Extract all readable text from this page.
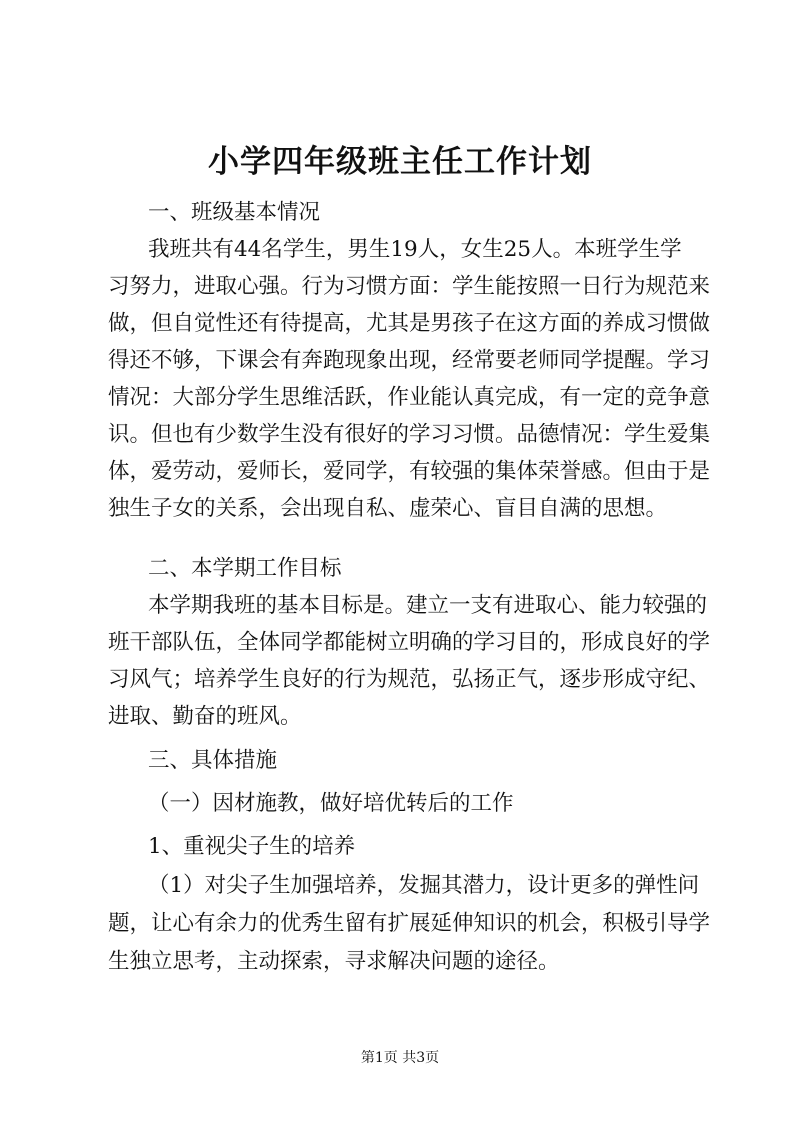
小学四年级班主任工作计划
一、班级基本情况
我班共有44名学生，男生19人，女生25人。本班学生学
习努力，进取心强。行为习惯方面：学生能按照一日行为规范来
做，但自觉性还有待提高，尤其是男孩子在这方面的养成习惯做
得还不够，下课会有奔跑现象出现，经常要老师同学提醒。学习
情况：大部分学生思维活跃，作业能认真完成，有一定的竞争意
识。但也有少数学生没有很好的学习习惯。品德情况：学生爱集
体，爱劳动，爱师长，爱同学，有较强的集体荣誉感。但由于是
独生子女的关系，会出现自私、虚荣心、盲目自满的思想。
二、本学期工作目标
本学期我班的基本目标是。建立一支有进取心、能力较强的
班干部队伍，全体同学都能树立明确的学习目的，形成良好的学
习风气；培养学生良好的行为规范，弘扬正气，逐步形成守纪、
进取、勤奋的班风。
三、具体措施
（一）因材施教，做好培优转后的工作
1、重视尖子生的培养
（1）对尖子生加强培养，发掘其潜力，设计更多的弹性问
题，让心有余力的优秀生留有扩展延伸知识的机会，积极引导学
生独立思考，主动探索，寻求解决问题的途径。
第1页 共3页
